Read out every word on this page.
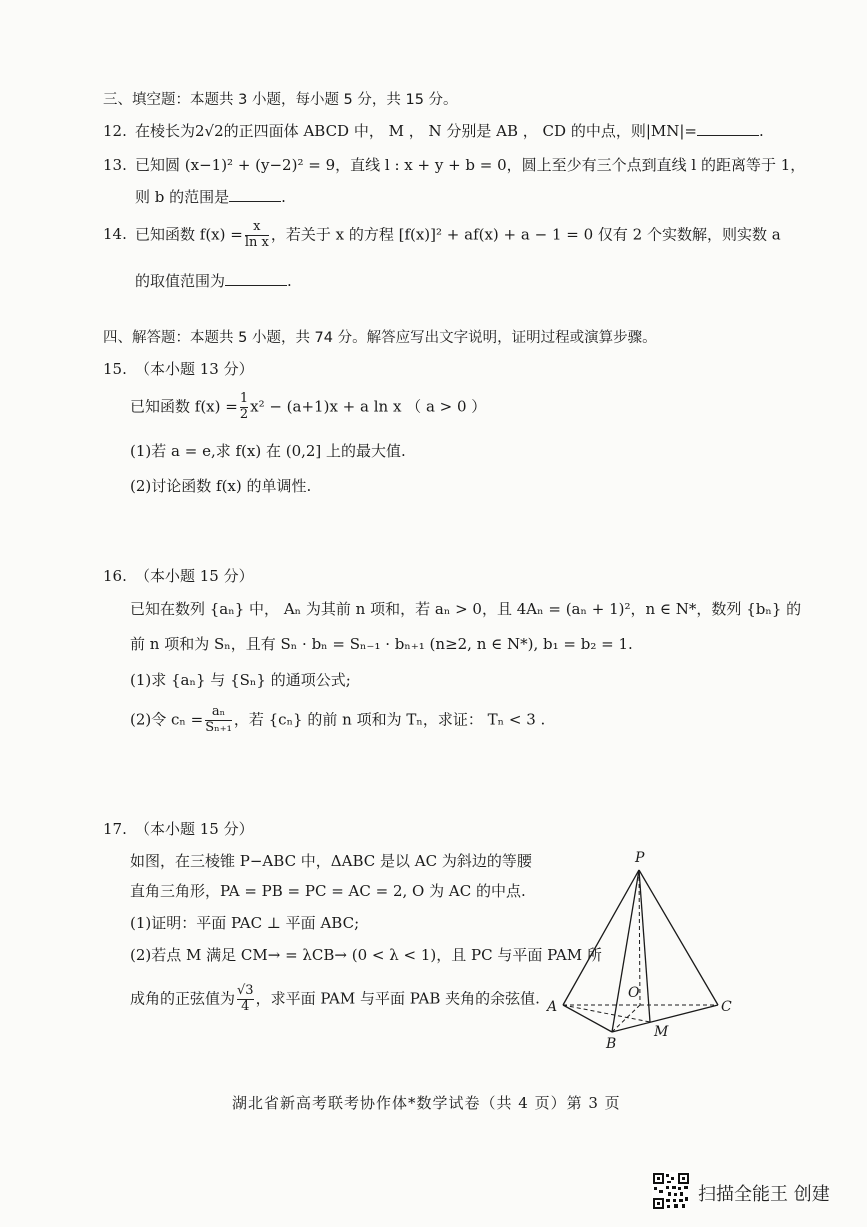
三、填空题：本题共 3 小题，每小题 5 分，共 15 分。
12. 在棱长为2√2的正四面体 ABCD 中， M ， N 分别是 AB ， CD 的中点，则|MN|=	.
13. 已知圆 (x−1)² + (y−2)² = 9，直线 l : x + y + b = 0，圆上至少有三个点到直线 l 的距离等于 1，
则 b 的范围是	.
14. 已知函数 $f(x) = \frac{x}{\text{ln x}}$ ，若关于 x 的方程 [f(x)]² + af(x) + a − 1 = 0 仅有 2 个实数解，则实数 a
的取值范围为	.
四、解答题：本题共 5 小题，共 74 分。解答应写出文字说明，证明过程或演算步骤。
15. （本小题 13 分）
已知函数 $f(x) = \frac{1}{2} x^2 - (a+1)x + a$ ln x （ a > 0 ）
(1)若 a = e,求 f(x) 在 (0,2] 上的最大值.
(2)讨论函数 f(x) 的单调性.
16. （本小题 15 分）
已知在数列 {aₙ} 中， Aₙ 为其前 n 项和，若 aₙ > 0，且 4Aₙ = (aₙ + 1)²，n ∈ N*，数列 {bₙ} 的
前 n 项和为 Sₙ，且有 Sₙ · bₙ = Sₙ₋₁ · bₙ₊₁ (n≥2, n ∈ N*), b₁ = b₂ = 1.
(1)求 {aₙ} 与 {Sₙ} 的通项公式;
(2)令 $c_n = \frac{\text{aₙ}}{\text{Sₙ₊₁}}$ ，若 {cₙ} 的前 n 项和为 Tₙ，求证： Tₙ < 3 .
17. （本小题 15 分）
如图，在三棱锥 P−ABC 中，ΔABC 是以 AC 为斜边的等腰
直角三角形，PA = PB = PC = AC = 2, O 为 AC 的中点.
(1)证明：平面 PAC ⊥ 平面 ABC;
(2)若点 M 满足 CM→ = λCB→ (0 < λ < 1)，且 PC 与平面 PAM 所
成角的正弦值为 $\frac{√3}{4}$ ，求平面 PAM 与平面 PAB 夹角的余弦值.
P
A
B
C
O
M
湖北省新高考联考协作体*数学试卷（共 4 页）第 3 页
扫描全能王 创建
